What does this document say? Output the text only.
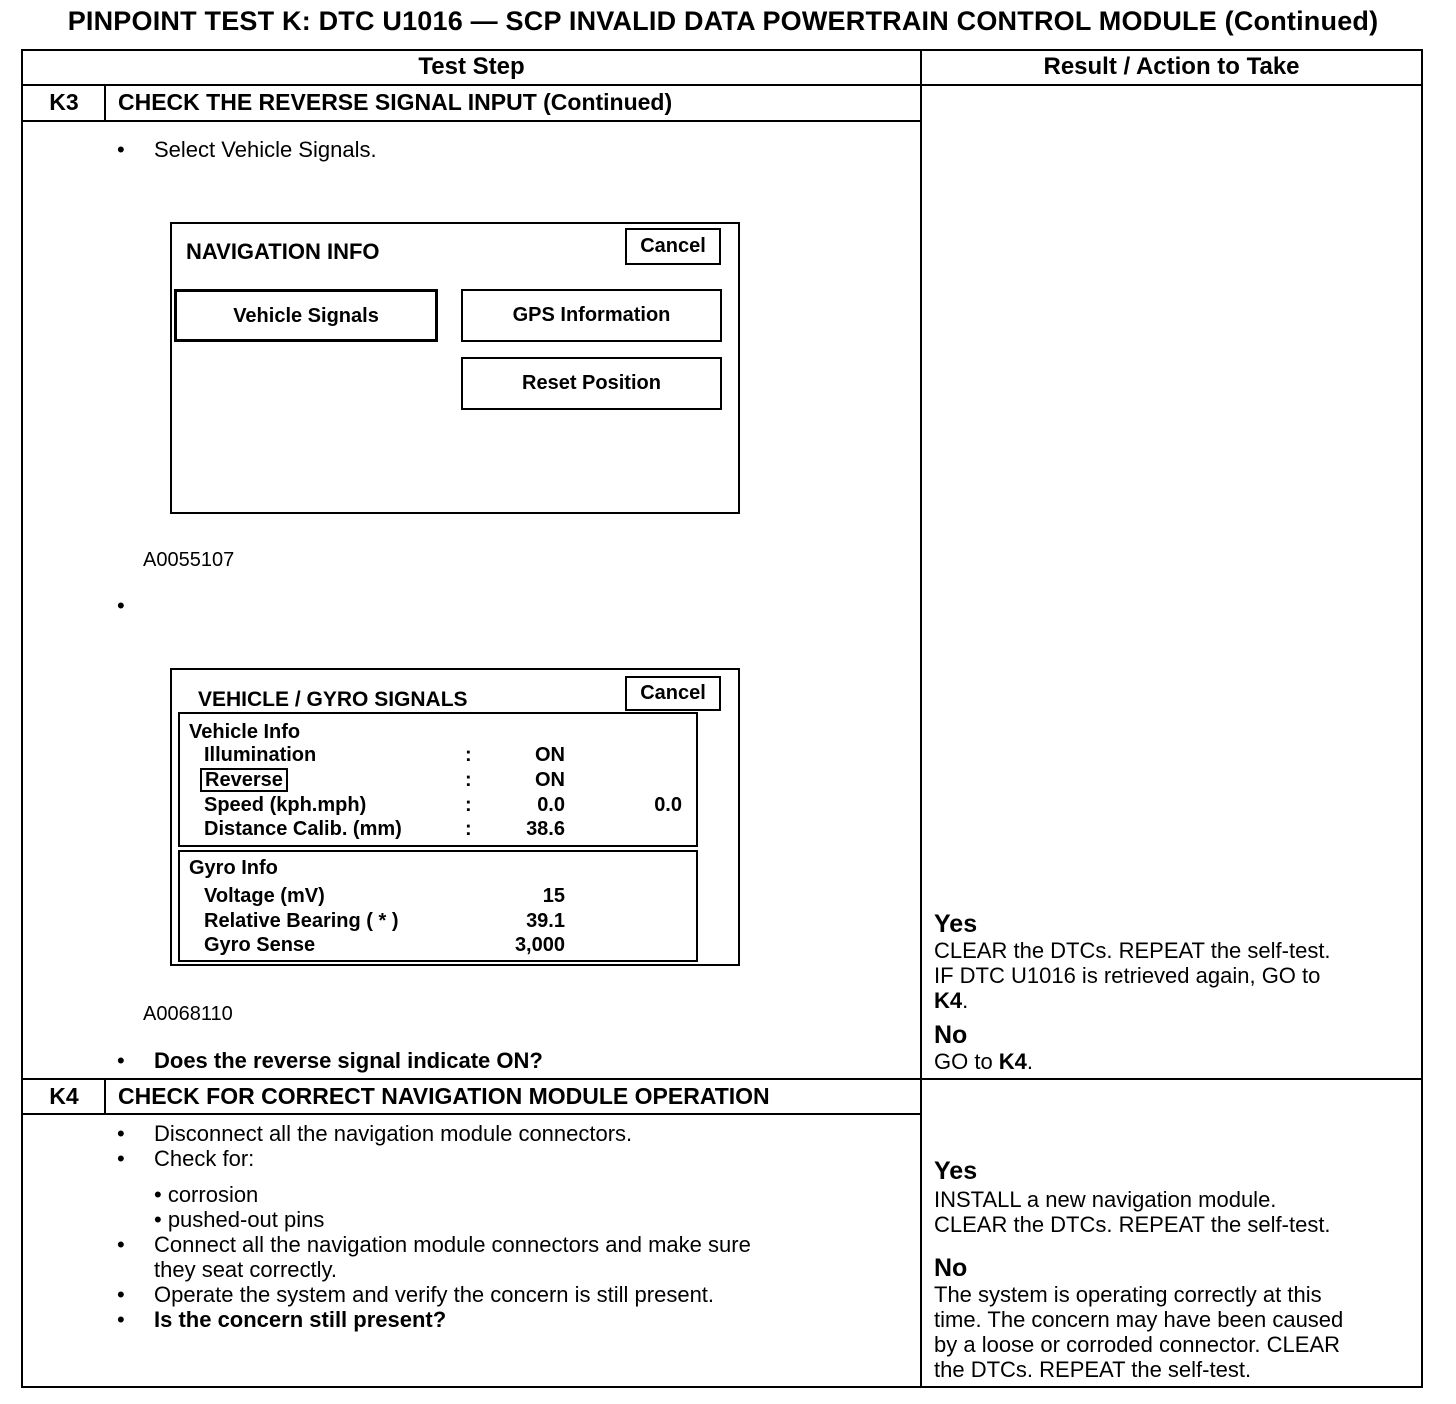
PINPOINT TEST K: DTC U1016 — SCP INVALID DATA POWERTRAIN CONTROL MODULE (Continued)
Test Step	Result / Action to Take
K3	CHECK THE REVERSE SIGNAL INPUT (Continued)
• Select Vehicle Signals.
NAVIGATION INFO	Cancel
Vehicle Signals	GPS Information
Reset Position
A0055107
•
VEHICLE / GYRO SIGNALS	Cancel
Vehicle Info
Illumination	:	ON
Reverse	:	ON
Speed (kph.mph)	:	0.0	0.0
Distance Calib. (mm)	:	38.6
Gyro Info
Voltage (mV)	15
Relative Bearing ( * )	39.1
Gyro Sense	3,000
A0068110
• Does the reverse signal indicate ON?
Yes
CLEAR the DTCs. REPEAT the self-test.
IF DTC U1016 is retrieved again, GO to
K4.
No
GO to K4.
K4	CHECK FOR CORRECT NAVIGATION MODULE OPERATION
• Disconnect all the navigation module connectors.
• Check for:
• corrosion
• pushed-out pins
• Connect all the navigation module connectors and make sure
they seat correctly.
• Operate the system and verify the concern is still present.
• Is the concern still present?
Yes
INSTALL a new navigation module.
CLEAR the DTCs. REPEAT the self-test.
No
The system is operating correctly at this
time. The concern may have been caused
by a loose or corroded connector. CLEAR
the DTCs. REPEAT the self-test.
